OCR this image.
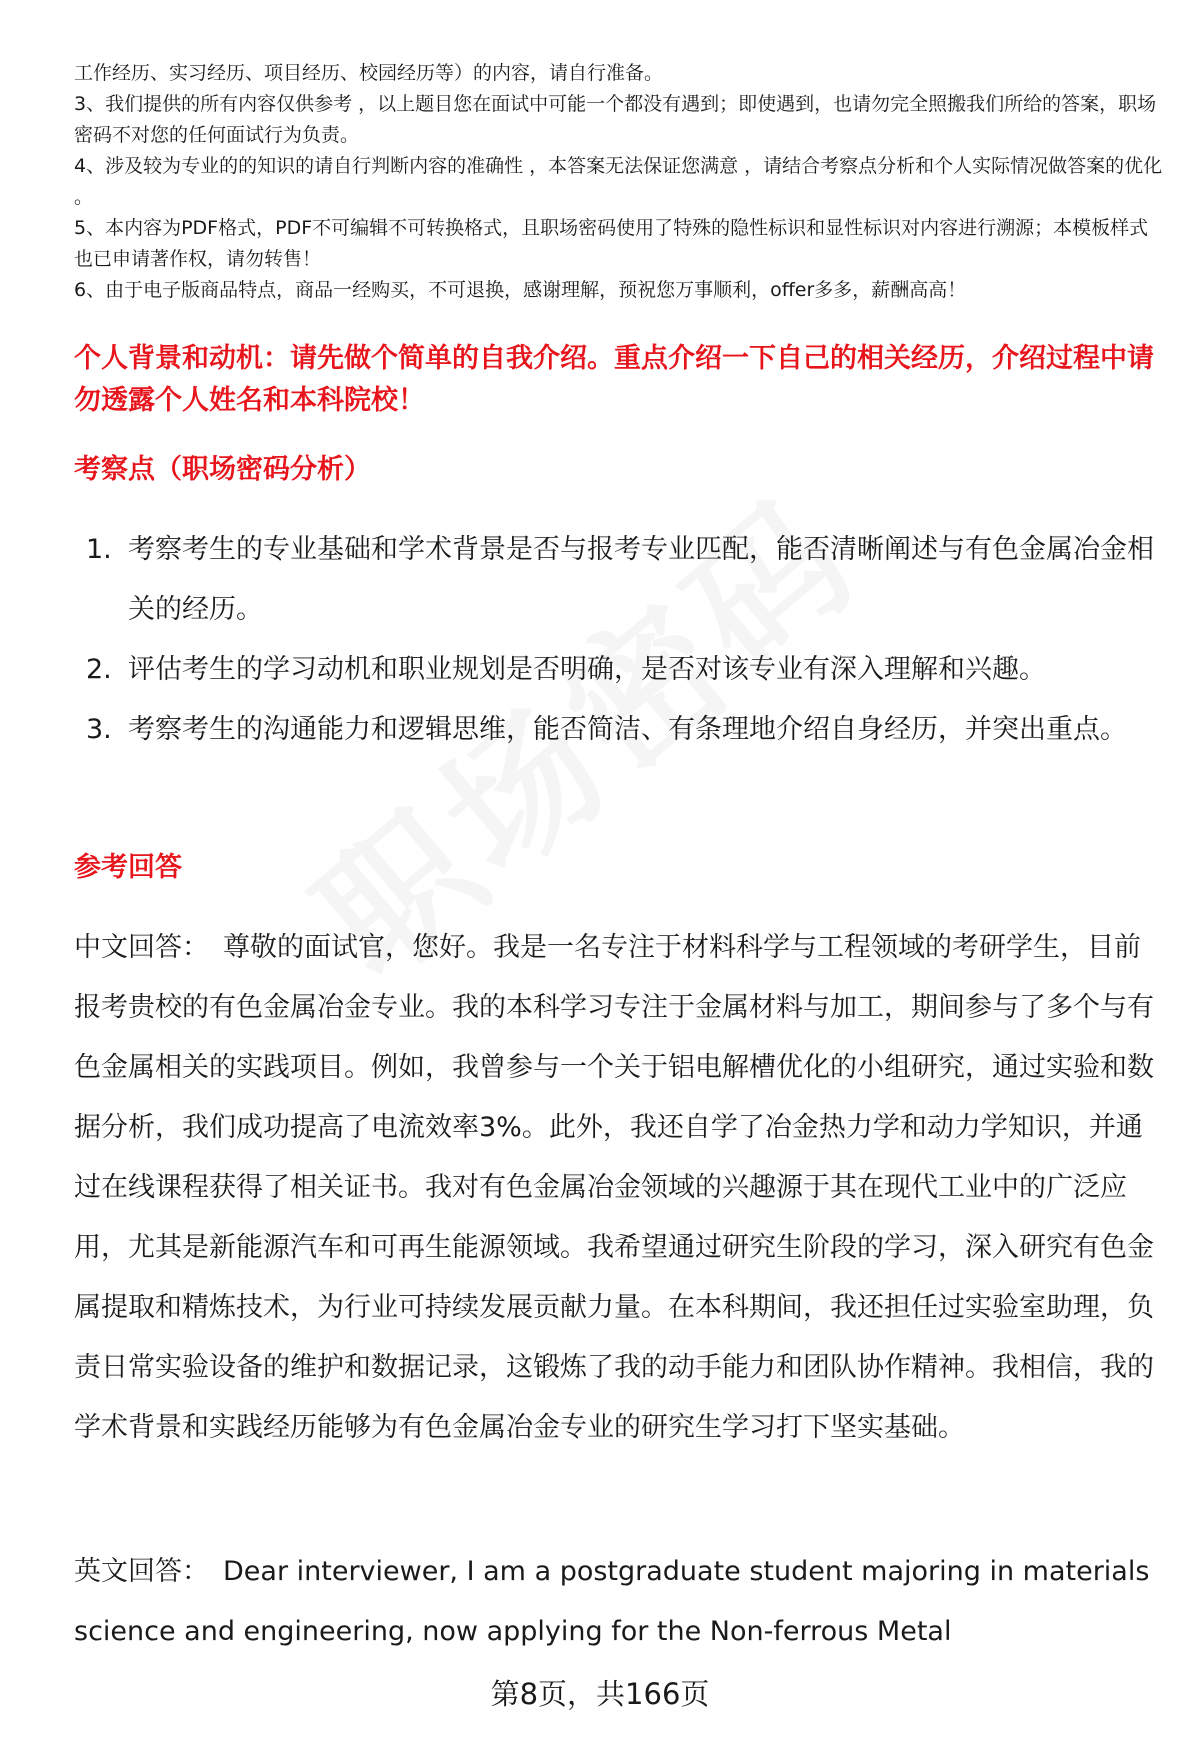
工作经历、实习经历、项目经历、校园经历等）的内容，请自行准备。

3、我们提供的所有内容仅供参考 ，以上题目您在面试中可能一个都没有遇到；即使遇到，也请勿完全照搬我们所给的答案，职场密码不对您的任何面试行为负责。

4、涉及较为专业的的知识的请自行判断内容的准确性 ，本答案无法保证您满意 ，请结合考察点分析和个人实际情况做答案的优化 。

5、本内容为PDF格式，PDF不可编辑不可转换格式，且职场密码使用了特殊的隐性标识和显性标识对内容进行溯源；本模板样式也已申请著作权，请勿转售！

6、由于电子版商品特点，商品一经购买，不可退换，感谢理解，预祝您万事顺利，offer多多，薪酬高高！

个人背景和动机：请先做个简单的自我介绍。重点介绍一下自己的相关经历，介绍过程中请勿透露个人姓名和本科院校！
考察点（职场密码分析）
1. 考察考生的专业基础和学术背景是否与报考专业匹配，能否清晰阐述与有色金属冶金相关的经历。
2. 评估考生的学习动机和职业规划是否明确，是否对该专业有深入理解和兴趣。
3. 考察考生的沟通能力和逻辑思维，能否简洁、有条理地介绍自身经历，并突出重点。
参考回答

中文回答： 尊敬的面试官，您好。我是一名专注于材料科学与工程领域的考研学生，目前报考贵校的有色金属冶金专业。我的本科学习专注于金属材料与加工，期间参与了多个与有色金属相关的实践项目。例如，我曾参与一个关于铝电解槽优化的小组研究，通过实验和数据分析，我们成功提高了电流效率3%。此外，我还自学了冶金热力学和动力学知识，并通过在线课程获得了相关证书。我对有色金属冶金领域的兴趣源于其在现代工业中的广泛应用，尤其是新能源汽车和可再生能源领域。我希望通过研究生阶段的学习，深入研究有色金属提取和精炼技术，为行业可持续发展贡献力量。在本科期间，我还担任过实验室助理，负责日常实验设备的维护和数据记录，这锻炼了我的动手能力和团队协作精神。我相信，我的学术背景和实践经历能够为有色金属冶金专业的研究生学习打下坚实基础。

英文回答： Dear interviewer, I am a postgraduate student majoring in materials science and engineering, now applying for the Non-ferrous Metal

第8页，共166页
